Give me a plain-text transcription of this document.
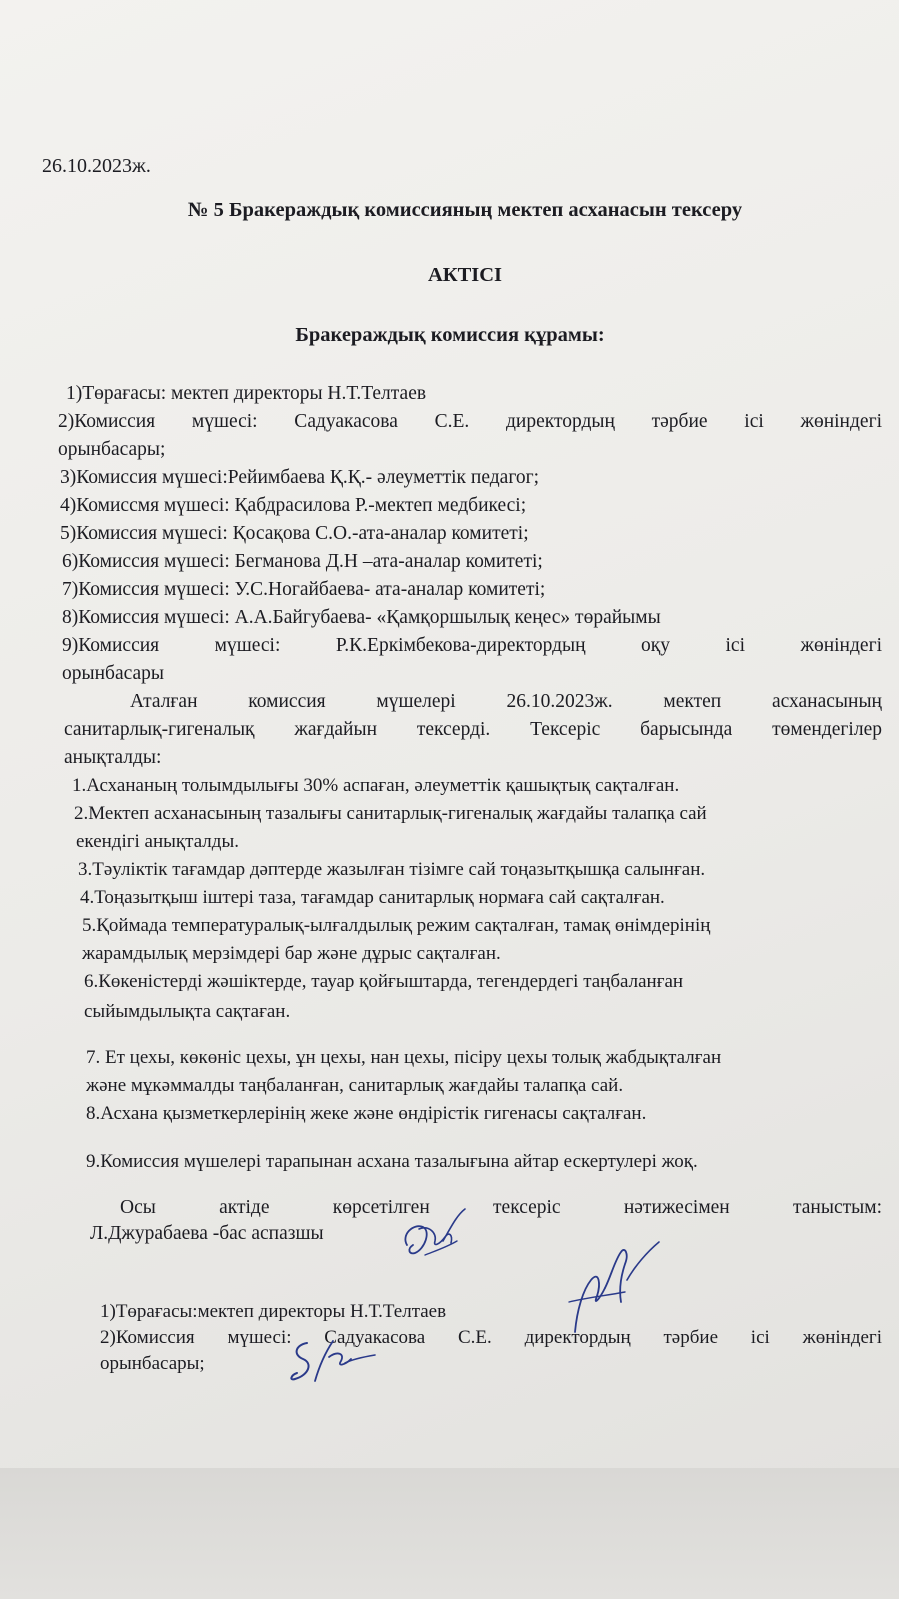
26.10.2023ж.
№ 5 Бракераждық комиссияның мектеп асханасын тексеру
АКТІСІ
Бракераждық комиссия құрамы:
1)Төрағасы: мектеп директоры Н.Т.Телтаев
2)Комиссия мүшесі: Садуакасова С.Е. директордың тәрбие ісі жөніндегі
орынбасары;
3)Комиссия мүшесі:Рейимбаева Қ.Қ.- әлеуметтік педагог;
4)Комиссмя мүшесі: Қабдрасилова Р.-мектеп медбикесі;
5)Комиссия мүшесі: Қосақова С.О.-ата-аналар комитеті;
6)Комиссия мүшесі: Бегманова Д.Н –ата-аналар комитеті;
7)Комиссия мүшесі: У.С.Ногайбаева- ата-аналар комитеті;
8)Комиссия мүшесі: А.А.Байгубаева- «Қамқоршылық кеңес» төрайымы
9)Комиссия мүшесі: Р.К.Еркімбекова-директордың оқу ісі жөніндегі
орынбасары
Аталған комиссия мүшелері 26.10.2023ж. мектеп асханасының
санитарлық-гигеналық жағдайын тексерді. Тексеріс барысында төмендегілер
анықталды:
1.Асхананың толымдылығы 30% аспаған, әлеуметтік қашықтық сақталған.
2.Мектеп асханасының тазалығы санитарлық-гигеналық жағдайы талапқа сай
екендігі анықталды.
3.Тәуліктік тағамдар дәптерде жазылған тізімге сай тоңазытқышқа салынған.
4.Тоңазытқыш іштері таза, тағамдар санитарлық нормаға сай сақталған.
5.Қоймада температуралық-ылғалдылық режим сақталған, тамақ өнімдерінің
жарамдылық мерзімдері бар және дұрыс сақталған.
6.Көкеністерді жәшіктерде, тауар қойғыштарда, тегендердегі таңбаланған
сыйымдылықта сақтаған.
7. Ет цехы, көкөніс цехы, ұн цехы, нан цехы, пісіру цехы толық жабдықталған
және мұкәммалды таңбаланған, санитарлық жағдайы талапқа сай.
8.Асхана қызметкерлерінің жеке және өндірістік гигенасы сақталған.
9.Комиссия мүшелері тарапынан асхана тазалығына айтар ескертулері жоқ.
Осы актіде көрсетілген тексеріс нәтижесімен таныстым:
Л.Джурабаева -бас аспазшы
1)Төрағасы:мектеп директоры Н.Т.Телтаев
2)Комиссия мүшесі: Садуакасова С.Е. директордың тәрбие ісі жөніндегі
орынбасары;
